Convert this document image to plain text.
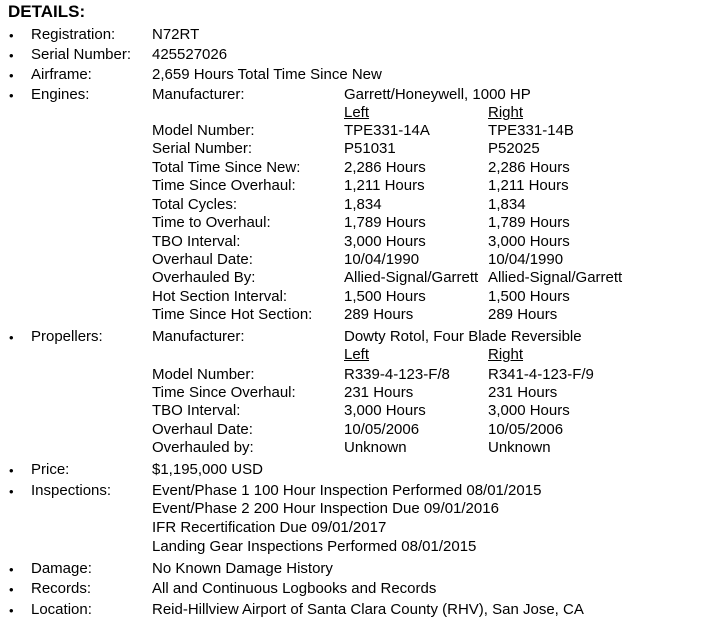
DETAILS:
• Registration: N72RT
• Serial Number: 425527026
• Airframe:	2,659 Hours Total Time Since New
• Engines:	Manufacturer:	Garrett/Honeywell, 1000 HP
Left	Right
Model Number:	TPE331-14A	TPE331-14B
Serial Number:	P51031	P52025
Total Time Since New:	2,286 Hours	2,286 Hours
Time Since Overhaul:	1,211 Hours	1,211 Hours
Total Cycles:	1,834	1,834
Time to Overhaul:	1,789 Hours	1,789 Hours
TBO Interval:	3,000 Hours	3,000 Hours
Overhaul Date:	10/04/1990	10/04/1990
Overhauled By:	Allied-Signal/Garrett Allied-Signal/Garrett
Hot Section Interval:	1,500 Hours	1,500 Hours
Time Since Hot Section: 289 Hours	289 Hours
• Propellers:	Manufacturer:	Dowty Rotol, Four Blade Reversible
Left	Right
Model Number:	R339-4-123-F/8	R341-4-123-F/9
Time Since Overhaul:	231 Hours	231 Hours
TBO Interval:	3,000 Hours	3,000 Hours
Overhaul Date:	10/05/2006	10/05/2006
Overhauled by:	Unknown	Unknown
• Price:	$1,195,000 USD
• Inspections:	Event/Phase 1 100 Hour Inspection Performed 08/01/2015
Event/Phase 2 200 Hour Inspection Due 09/01/2016
IFR Recertification Due 09/01/2017
Landing Gear Inspections Performed 08/01/2015
• Damage:	No Known Damage History
• Records:	All and Continuous Logbooks and Records
• Location:	Reid-Hillview Airport of Santa Clara County (RHV), San Jose, CA
